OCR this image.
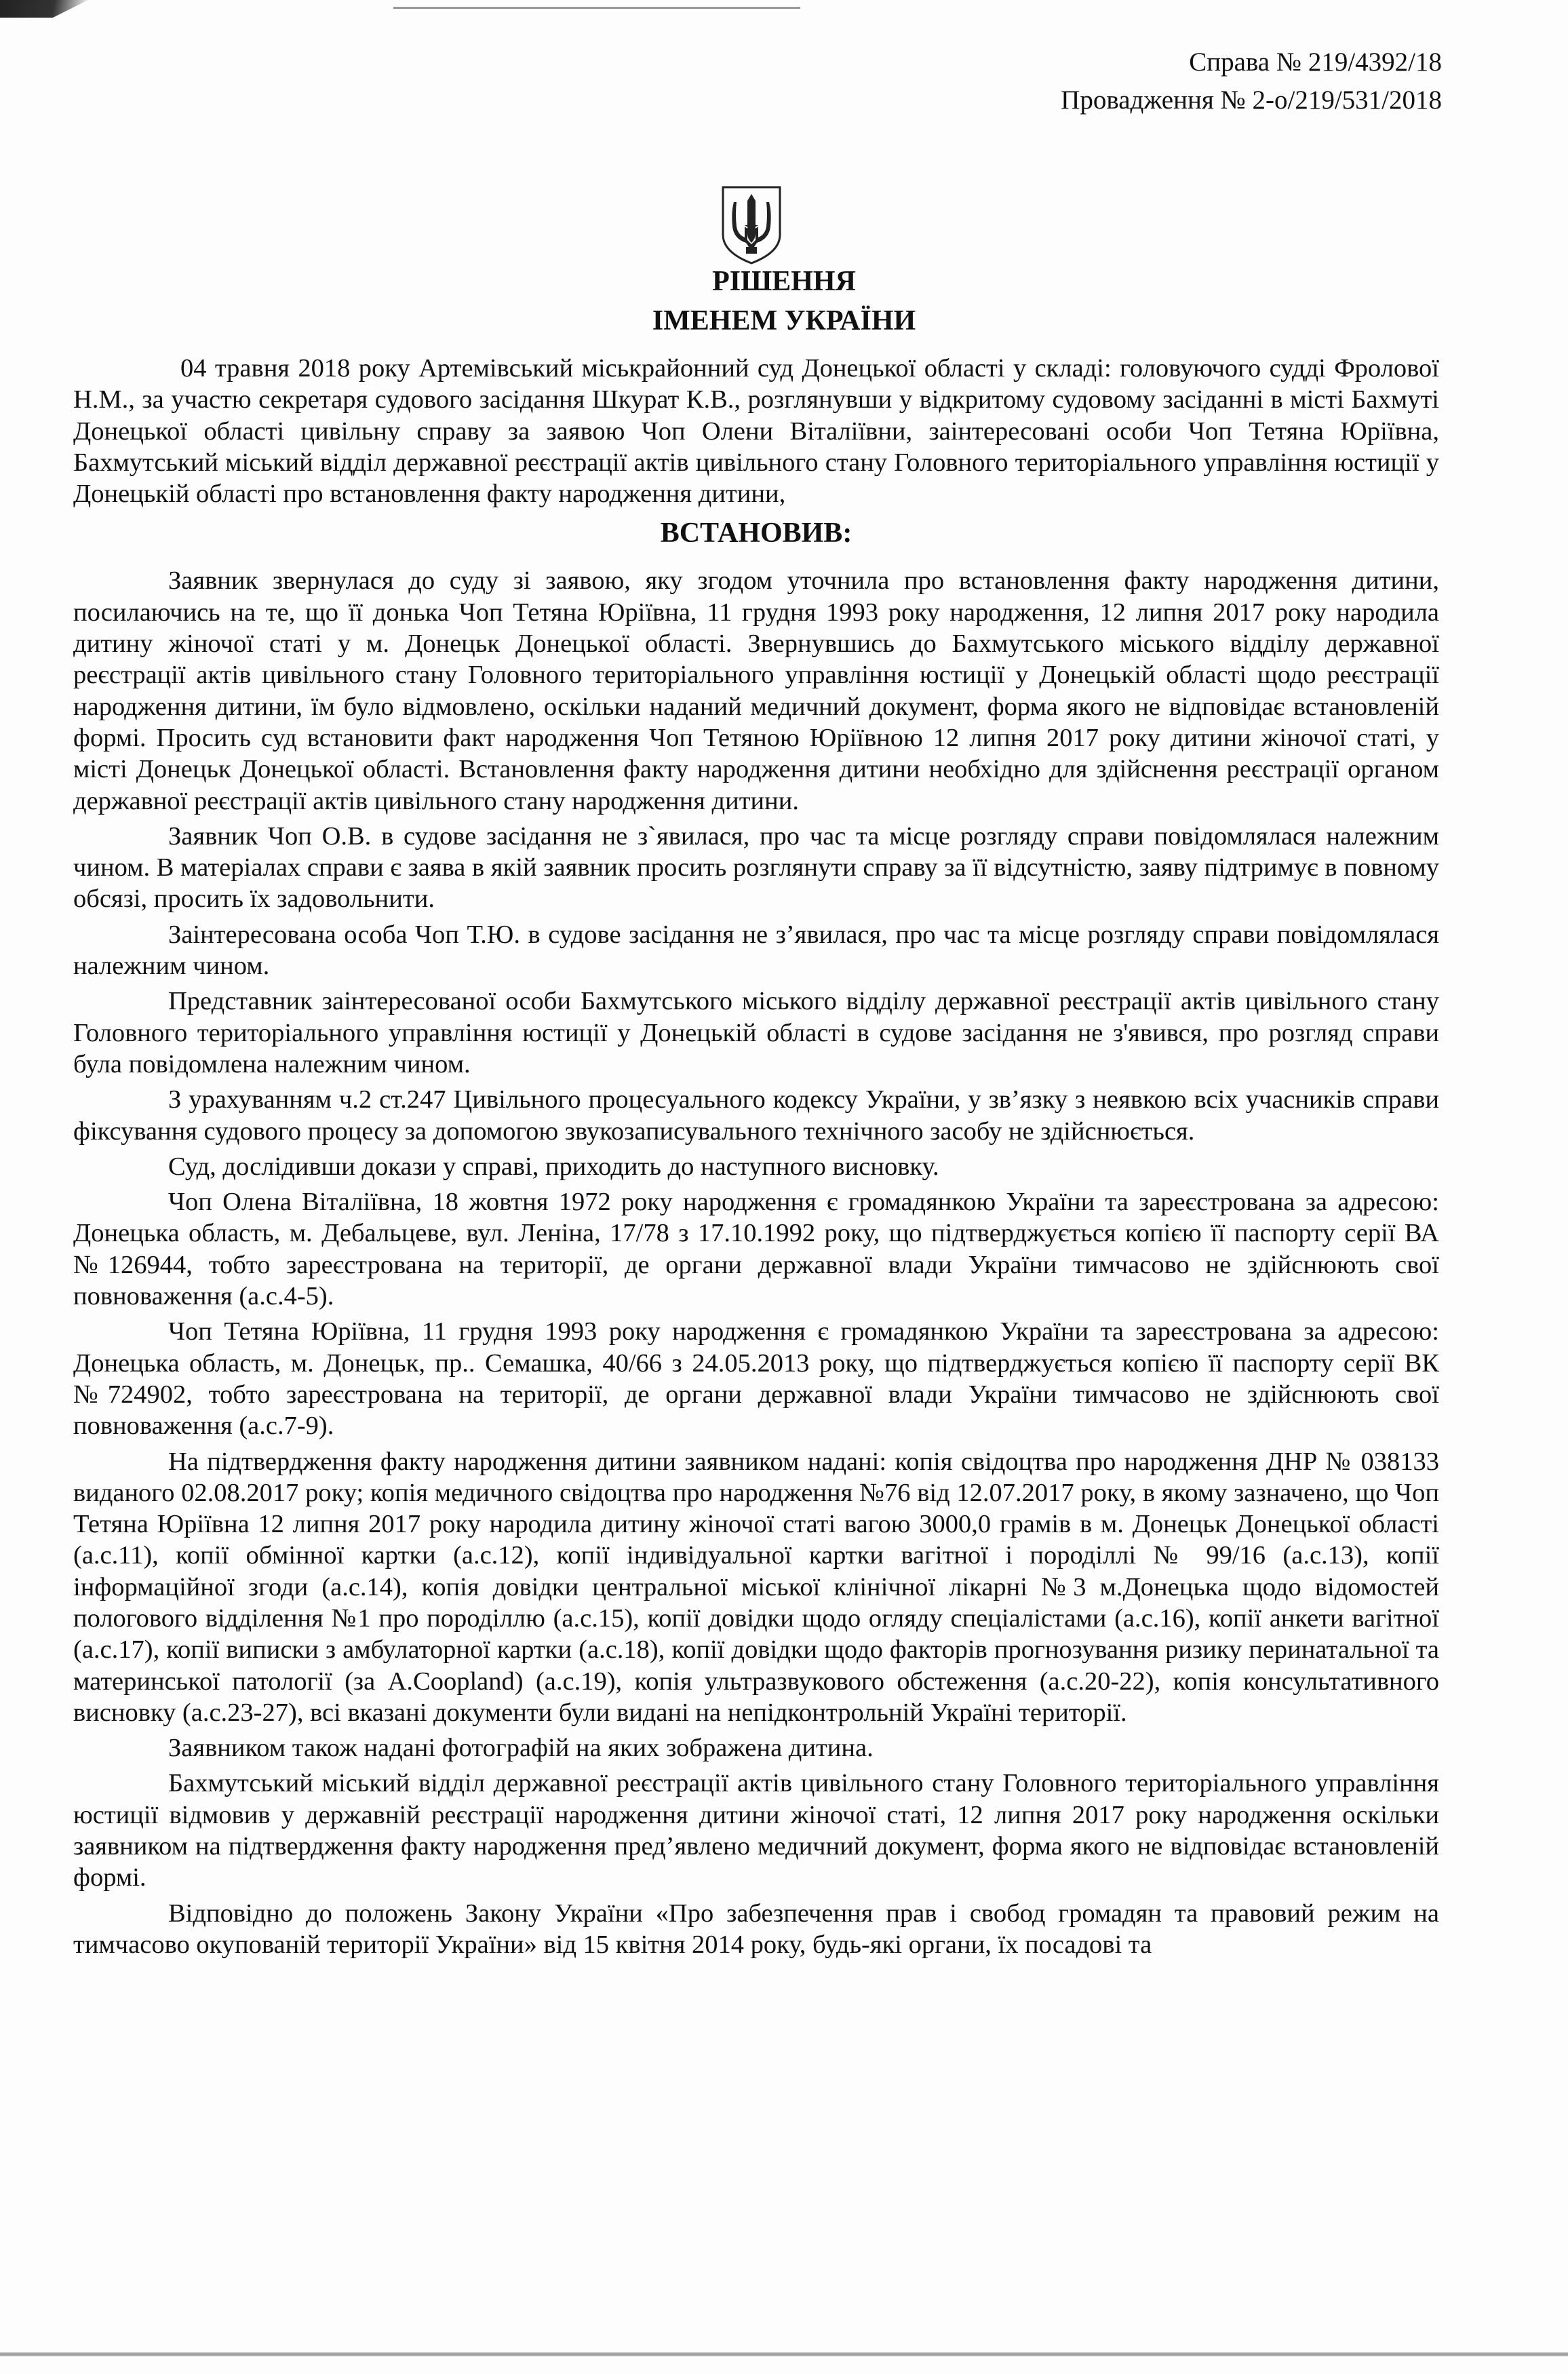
Справа № 219/4392/18
Провадження № 2-о/219/531/2018
РІШЕННЯ
ІМЕНЕМ УКРАЇНИ

04 травня 2018 року Артемівський міськрайонний суд Донецької області у складі: головуючого судді Фролової Н.М., за участю секретаря судового засідання Шкурат К.В., розглянувши у відкритому судовому засіданні в місті Бахмуті Донецької області цивільну справу за заявою Чоп Олени Віталіївни, заінтересовані особи Чоп Тетяна Юріївна, Бахмутський міський відділ державної реєстрації актів цивільного стану Головного територіального управління юстиції у Донецькій області про встановлення факту народження дитини,

ВСТАНОВИВ:

Заявник звернулася до суду зі заявою, яку згодом уточнила про встановлення факту народження дитини, посилаючись на те, що її донька Чоп Тетяна Юріївна, 11 грудня 1993 року народження, 12 липня 2017 року народила дитину жіночої статі у м. Донецьк Донецької області. Звернувшись до Бахмутського міського відділу державної реєстрації актів цивільного стану Головного територіального управління юстиції у Донецькій області щодо реєстрації народження дитини, їм було відмовлено, оскільки наданий медичний документ, форма якого не відповідає встановленій формі. Просить суд встановити факт народження Чоп Тетяною Юріївною 12 липня 2017 року дитини жіночої статі, у місті Донецьк Донецької області. Встановлення факту народження дитини необхідно для здійснення реєстрації органом державної реєстрації актів цивільного стану народження дитини.

Заявник Чоп О.В. в судове засідання не з`явилася, про час та місце розгляду справи повідомлялася належним чином. В матеріалах справи є заява в якій заявник просить розглянути справу за її відсутністю, заяву підтримує в повному обсязі, просить їх задовольнити.

Заінтересована особа Чоп Т.Ю. в судове засідання не з’явилася, про час та місце розгляду справи повідомлялася належним чином.

Представник заінтересованої особи Бахмутського міського відділу державної реєстрації актів цивільного стану Головного територіального управління юстиції у Донецькій області в судове засідання не з'явився, про розгляд справи була повідомлена належним чином.

З урахуванням ч.2 ст.247 Цивільного процесуального кодексу України, у зв’язку з неявкою всіх учасників справи фіксування судового процесу за допомогою звукозаписувального технічного засобу не здійснюється.

Суд, дослідивши докази у справі, приходить до наступного висновку.

Чоп Олена Віталіївна, 18 жовтня 1972 року народження є громадянкою України та зареєстрована за адресою: Донецька область, м. Дебальцеве, вул. Леніна, 17/78 з 17.10.1992 року, що підтверджується копією її паспорту серії ВА №126944, тобто зареєстрована на території, де органи державної влади України тимчасово не здійснюють свої повноваження (а.с.4-5).

Чоп Тетяна Юріївна, 11 грудня 1993 року народження є громадянкою України та зареєстрована за адресою: Донецька область, м. Донецьк, пр.. Семашка, 40/66 з 24.05.2013 року, що підтверджується копією її паспорту серії ВК №724902, тобто зареєстрована на території, де органи державної влади України тимчасово не здійснюють свої повноваження (а.с.7-9).

На підтвердження факту народження дитини заявником надані: копія свідоцтва про народження ДНР № 038133 виданого 02.08.2017 року; копія медичного свідоцтва про народження №76 від 12.07.2017 року, в якому зазначено, що Чоп Тетяна Юріївна 12 липня 2017 року народила дитину жіночої статі вагою 3000,0 грамів в м. Донецьк Донецької області (а.с.11), копії обмінної картки (а.с.12), копії індивідуальної картки вагітної і породіллі № 99/16 (а.с.13), копії інформаційної згоди (а.с.14), копія довідки центральної міської клінічної лікарні №3 м.Донецька щодо відомостей пологового відділення №1 про породіллю (а.с.15), копії довідки щодо огляду спеціалістами (а.с.16), копії анкети вагітної (а.с.17), копії виписки з амбулаторної картки (а.с.18), копії довідки щодо факторів прогнозування ризику перинатальної та материнської патології (за A.Coopland) (а.с.19), копія ультразвукового обстеження (а.с.20-22), копія консультативного висновку (а.с.23-27), всі вказані документи були видані на непідконтрольній Україні території.

Заявником також надані фотографій на яких зображена дитина.

Бахмутський міський відділ державної реєстрації актів цивільного стану Головного територіального управління юстиції відмовив у державній реєстрації народження дитини жіночої статі, 12 липня 2017 року народження оскільки заявником на підтвердження факту народження пред’явлено медичний документ, форма якого не відповідає встановленій формі.

Відповідно до положень Закону України «Про забезпечення прав і свобод громадян та правовий режим на тимчасово окупованій території України» від 15 квітня 2014 року, будь-які органи, їх посадові та
